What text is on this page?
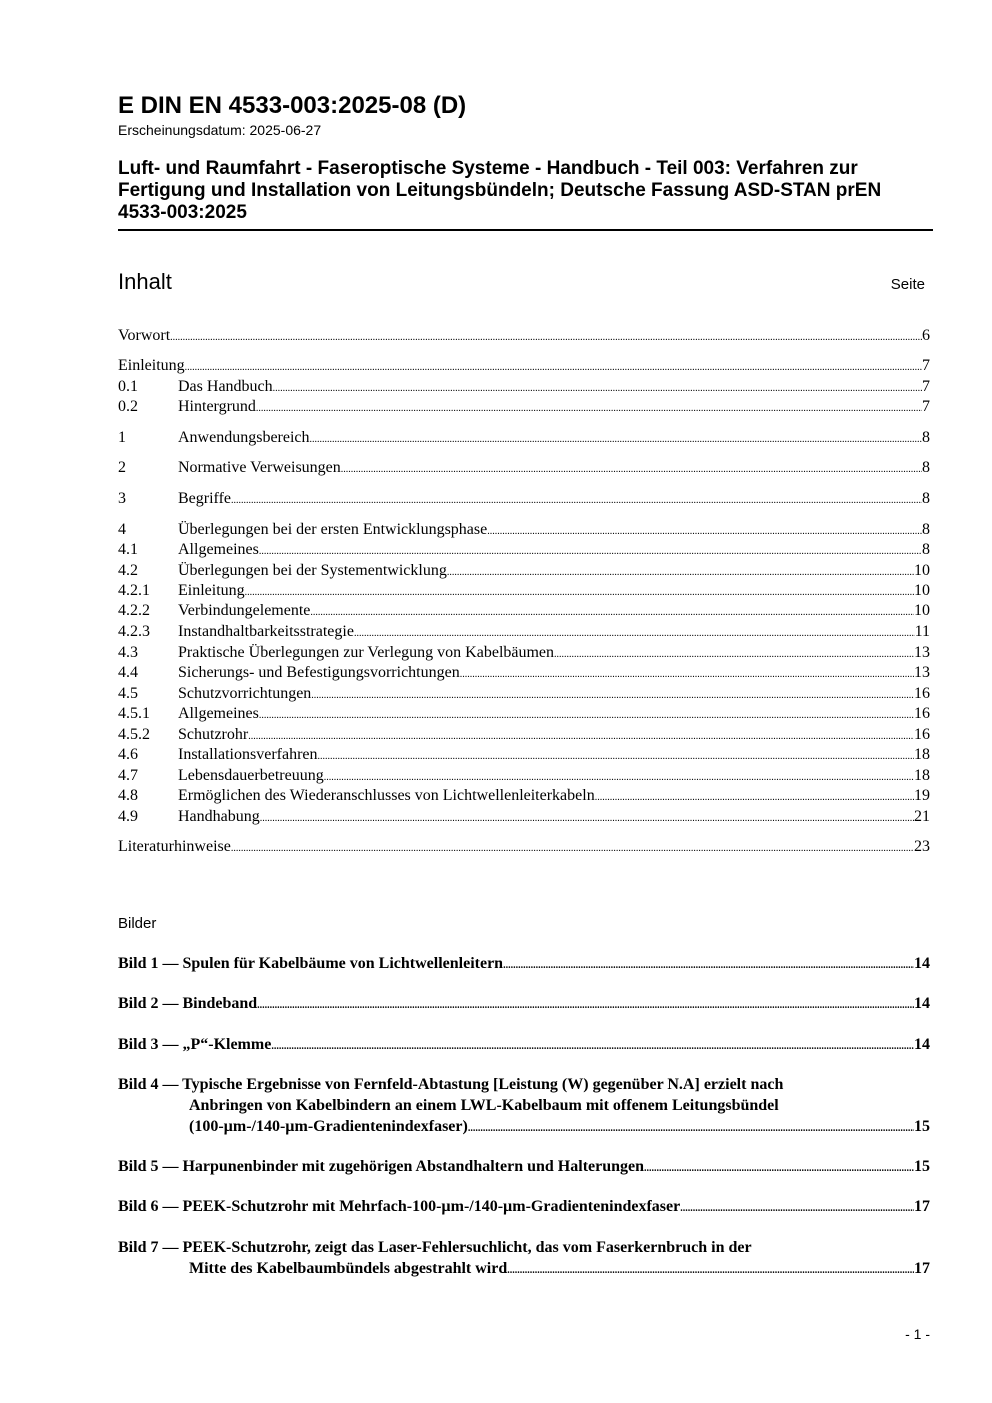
E DIN EN 4533-003:2025-08 (D)
Erscheinungsdatum: 2025-06-27
Luft- und Raumfahrt - Faseroptische Systeme - Handbuch - Teil 003: Verfahren zur Fertigung und Installation von Leitungsbündeln; Deutsche Fassung ASD-STAN prEN 4533-003:2025
Inhalt	Seite
Vorwort .....	6
Einleitung .....	7
0.1	Das Handbuch .....	7
0.2	Hintergrund .....	7
1	Anwendungsbereich .....	8
2	Normative Verweisungen .....	8
3	Begriffe .....	8
4	Überlegungen bei der ersten Entwicklungsphase .....	8
4.1	Allgemeines .....	8
4.2	Überlegungen bei der Systementwicklung .....	10
4.2.1 Einleitung .....	10
4.2.2 Verbindungelemente .....	10
4.2.3 Instandhaltbarkeitsstrategie .....	11
4.3	Praktische Überlegungen zur Verlegung von Kabelbäumen .....	13
4.4	Sicherungs- und Befestigungsvorrichtungen .....	13
4.5	Schutzvorrichtungen .....	16
4.5.1 Allgemeines .....	16
4.5.2 Schutzrohr .....	16
4.6	Installationsverfahren .....	18
4.7	Lebensdauerbetreuung .....	18
4.8	Ermöglichen des Wiederanschlusses von Lichtwellenleiterkabeln .....	19
4.9	Handhabung .....	21
Literaturhinweise .....	23
Bilder
Bild 1 — Spulen für Kabelbäume von Lichtwellenleitern .....	14
Bild 2 — Bindeband .....	14
Bild 3 — „P“-Klemme .....	14
Bild 4 — Typische Ergebnisse von Fernfeld-Abtastung [Leistung (W) gegenüber N.A] erzielt nach
Anbringen von Kabelbindern an einem LWL-Kabelbaum mit offenem Leitungsbündel
(100-µm-/140-µm-Gradientenindexfaser) .....	15
Bild 5 — Harpunenbinder mit zugehörigen Abstandhaltern und Halterungen .....	15
Bild 6 — PEEK-Schutzrohr mit Mehrfach-100-µm-/140-µm-Gradientenindexfaser .....	17
Bild 7 — PEEK-Schutzrohr, zeigt das Laser-Fehlersuchlicht, das vom Faserkernbruch in der
Mitte des Kabelbaumbündels abgestrahlt wird .....	17
- 1 -
